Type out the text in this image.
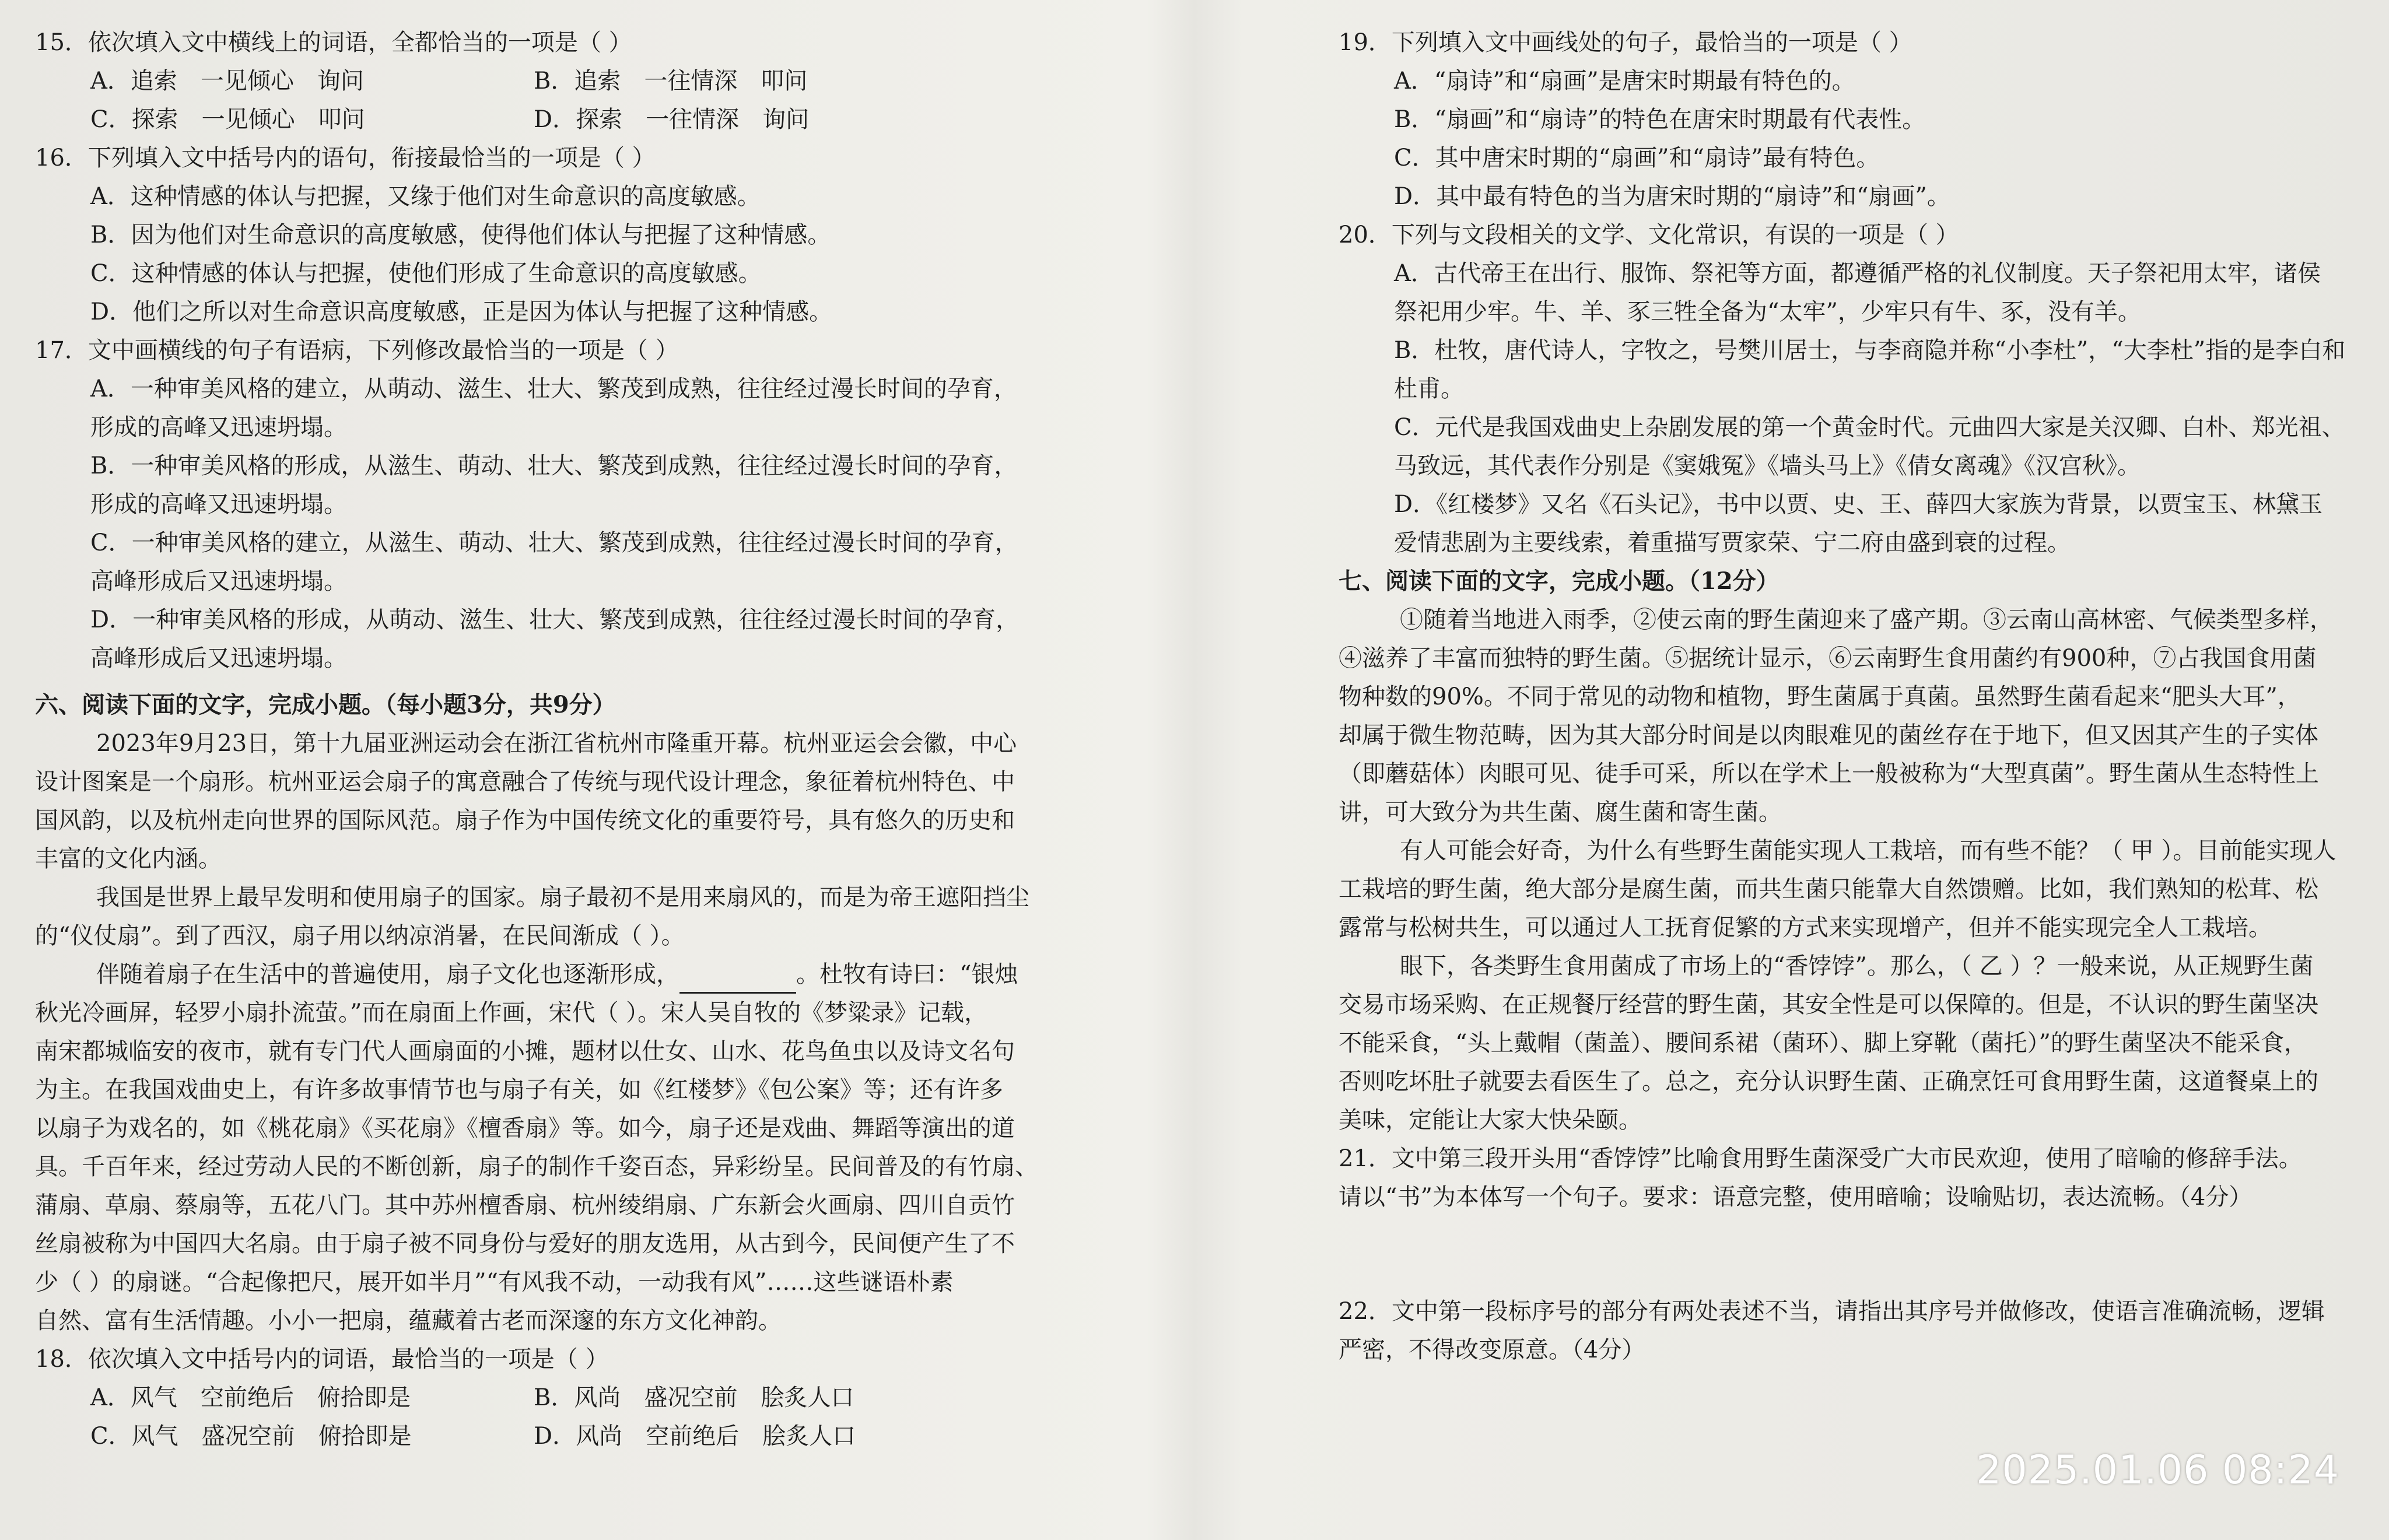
15．依次填入文中横线上的词语，全都恰当的一项是（ ）
A．追索　一见倾心　询问	B．追索　一往情深　叩问
C．探索　一见倾心　叩问	D．探索　一往情深　询问
16．下列填入文中括号内的语句，衔接最恰当的一项是（ ）
A．这种情感的体认与把握，又缘于他们对生命意识的高度敏感。
B．因为他们对生命意识的高度敏感，使得他们体认与把握了这种情感。
C．这种情感的体认与把握，使他们形成了生命意识的高度敏感。
D．他们之所以对生命意识高度敏感，正是因为体认与把握了这种情感。
17．文中画横线的句子有语病，下列修改最恰当的一项是（ ）
A．一种审美风格的建立，从萌动、滋生、壮大、繁茂到成熟，往往经过漫长时间的孕育，
形成的高峰又迅速坍塌。
B．一种审美风格的形成，从滋生、萌动、壮大、繁茂到成熟，往往经过漫长时间的孕育，
形成的高峰又迅速坍塌。
C．一种审美风格的建立，从滋生、萌动、壮大、繁茂到成熟，往往经过漫长时间的孕育，
高峰形成后又迅速坍塌。
D．一种审美风格的形成，从萌动、滋生、壮大、繁茂到成熟，往往经过漫长时间的孕育，
高峰形成后又迅速坍塌。
六、阅读下面的文字，完成小题。（每小题3分，共9分）
2023年9月23日，第十九届亚洲运动会在浙江省杭州市隆重开幕。杭州亚运会会徽，中心
设计图案是一个扇形。杭州亚运会扇子的寓意融合了传统与现代设计理念，象征着杭州特色、中
国风韵，以及杭州走向世界的国际风范。扇子作为中国传统文化的重要符号，具有悠久的历史和
丰富的文化内涵。
我国是世界上最早发明和使用扇子的国家。扇子最初不是用来扇风的，而是为帝王遮阳挡尘
的“仪仗扇”。到了西汉，扇子用以纳凉消暑，在民间渐成（ ）。
伴随着扇子在生活中的普遍使用，扇子文化也逐渐形成，	。杜牧有诗曰：“银烛
秋光冷画屏，轻罗小扇扑流萤。”而在扇面上作画，宋代（ ）。宋人吴自牧的《梦粱录》记载，
南宋都城临安的夜市，就有专门代人画扇面的小摊，题材以仕女、山水、花鸟鱼虫以及诗文名句
为主。在我国戏曲史上，有许多故事情节也与扇子有关，如《红楼梦》《包公案》等；还有许多
以扇子为戏名的，如《桃花扇》《买花扇》《檀香扇》等。如今，扇子还是戏曲、舞蹈等演出的道
具。千百年来，经过劳动人民的不断创新，扇子的制作千姿百态，异彩纷呈。民间普及的有竹扇、
蒲扇、草扇、蔡扇等，五花八门。其中苏州檀香扇、杭州绫绢扇、广东新会火画扇、四川自贡竹
丝扇被称为中国四大名扇。由于扇子被不同身份与爱好的朋友选用，从古到今，民间便产生了不
少（ ）的扇谜。“合起像把尺，展开如半月”“有风我不动，一动我有风”……这些谜语朴素
自然、富有生活情趣。小小一把扇，蕴藏着古老而深邃的东方文化神韵。
18．依次填入文中括号内的词语，最恰当的一项是（ ）
A．风气　空前绝后　俯拾即是	B．风尚　盛况空前　脍炙人口
C．风气　盛况空前　俯拾即是	D．风尚　空前绝后　脍炙人口
19．下列填入文中画线处的句子，最恰当的一项是（ ）
A．“扇诗”和“扇画”是唐宋时期最有特色的。
B．“扇画”和“扇诗”的特色在唐宋时期最有代表性。
C．其中唐宋时期的“扇画”和“扇诗”最有特色。
D．其中最有特色的当为唐宋时期的“扇诗”和“扇画”。
20．下列与文段相关的文学、文化常识，有误的一项是（ ）
A．古代帝王在出行、服饰、祭祀等方面，都遵循严格的礼仪制度。天子祭祀用太牢，诸侯
祭祀用少牢。牛、羊、豕三牲全备为“太牢”，少牢只有牛、豕，没有羊。
B．杜牧，唐代诗人，字牧之，号樊川居士，与李商隐并称“小李杜”，“大李杜”指的是李白和
杜甫。
C．元代是我国戏曲史上杂剧发展的第一个黄金时代。元曲四大家是关汉卿、白朴、郑光祖、
马致远，其代表作分别是《窦娥冤》《墙头马上》《倩女离魂》《汉宫秋》。
D．《红楼梦》又名《石头记》，书中以贾、史、王、薛四大家族为背景，以贾宝玉、林黛玉
爱情悲剧为主要线索，着重描写贾家荣、宁二府由盛到衰的过程。
七、阅读下面的文字，完成小题。（12分）
①随着当地进入雨季，②使云南的野生菌迎来了盛产期。③云南山高林密、气候类型多样，
④滋养了丰富而独特的野生菌。⑤据统计显示，⑥云南野生食用菌约有900种，⑦占我国食用菌
物种数的90%。不同于常见的动物和植物，野生菌属于真菌。虽然野生菌看起来“肥头大耳”，
却属于微生物范畴，因为其大部分时间是以肉眼难见的菌丝存在于地下，但又因其产生的子实体
（即蘑菇体）肉眼可见、徒手可采，所以在学术上一般被称为“大型真菌”。野生菌从生态特性上
讲，可大致分为共生菌、腐生菌和寄生菌。
有人可能会好奇，为什么有些野生菌能实现人工栽培，而有些不能？（ 甲 ）。目前能实现人
工栽培的野生菌，绝大部分是腐生菌，而共生菌只能靠大自然馈赠。比如，我们熟知的松茸、松
露常与松树共生，可以通过人工抚育促繁的方式来实现增产，但并不能实现完全人工栽培。
眼下，各类野生食用菌成了市场上的“香饽饽”。那么，（ 乙 ）？一般来说，从正规野生菌
交易市场采购、在正规餐厅经营的野生菌，其安全性是可以保障的。但是，不认识的野生菌坚决
不能采食，“头上戴帽（菌盖）、腰间系裙（菌环）、脚上穿靴（菌托）”的野生菌坚决不能采食，
否则吃坏肚子就要去看医生了。总之，充分认识野生菌、正确烹饪可食用野生菌，这道餐桌上的
美味，定能让大家大快朵颐。
21．文中第三段开头用“香饽饽”比喻食用野生菌深受广大市民欢迎，使用了暗喻的修辞手法。
请以“书”为本体写一个句子。要求：语意完整，使用暗喻；设喻贴切，表达流畅。（4分）
22．文中第一段标序号的部分有两处表述不当，请指出其序号并做修改，使语言准确流畅，逻辑
严密，不得改变原意。（4分）
2025.01.06 08:24
